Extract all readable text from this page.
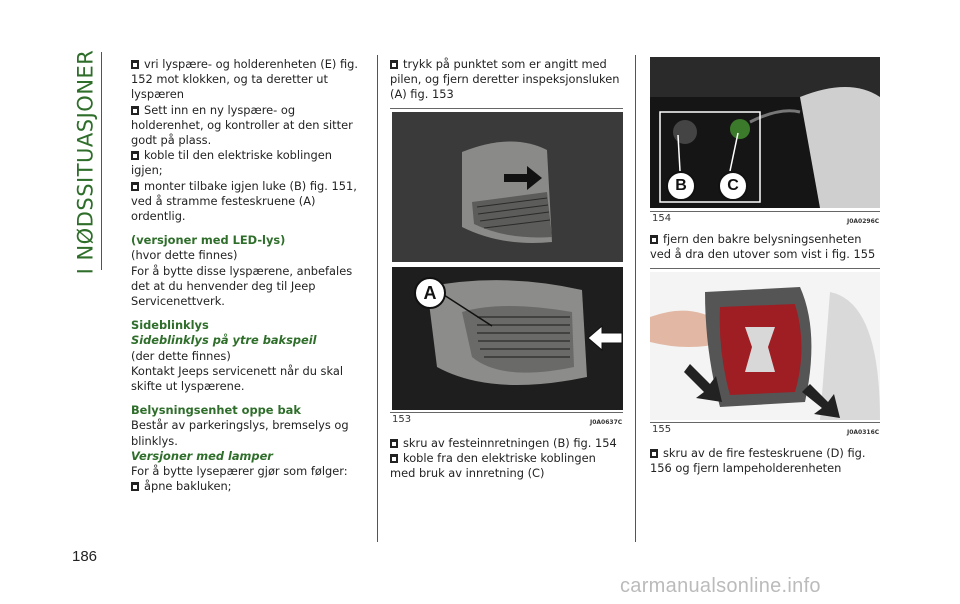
I NØDSSITUASJONER
186

vri lyspære- og holderenheten (E) fig. 152 mot klokken, og ta deretter ut lyspæren

Sett inn en ny lyspære- og holderenhet, og kontroller at den sitter godt på plass.

koble til den elektriske koblingen igjen;

monter tilbake igjen luke (B) fig. 151, ved å stramme festeskruene (A) ordentlig.

(versjoner med LED-lys)

(hvor dette finnes)

For å bytte disse lyspærene, anbefales det at du henvender deg til Jeep Servicenettverk.

Sideblinklys

Sideblinklys på ytre bakspeil

(der dette finnes)

Kontakt Jeeps servicenett når du skal skifte ut lyspærene.

Belysningsenhet oppe bak

Består av parkeringslys, bremselys og blinklys.

Versjoner med lamper

For å bytte lysepærer gjør som følger:

åpne bakluken;

trykk på punktet som er angitt med pilen, og fjern deretter inspeksjonsluken (A) fig. 153

A
153	J0A0637C

skru av festeinnretningen (B) fig. 154

koble fra den elektriske koblingen med bruk av innretning (C)

B	C
154	J0A0296C

fjern den bakre belysningsenheten ved å dra den utover som vist i fig. 155

155	J0A0316C

skru av de fire festeskruene (D) fig. 156 og fjern lampeholderenheten

carmanualsonline.info
